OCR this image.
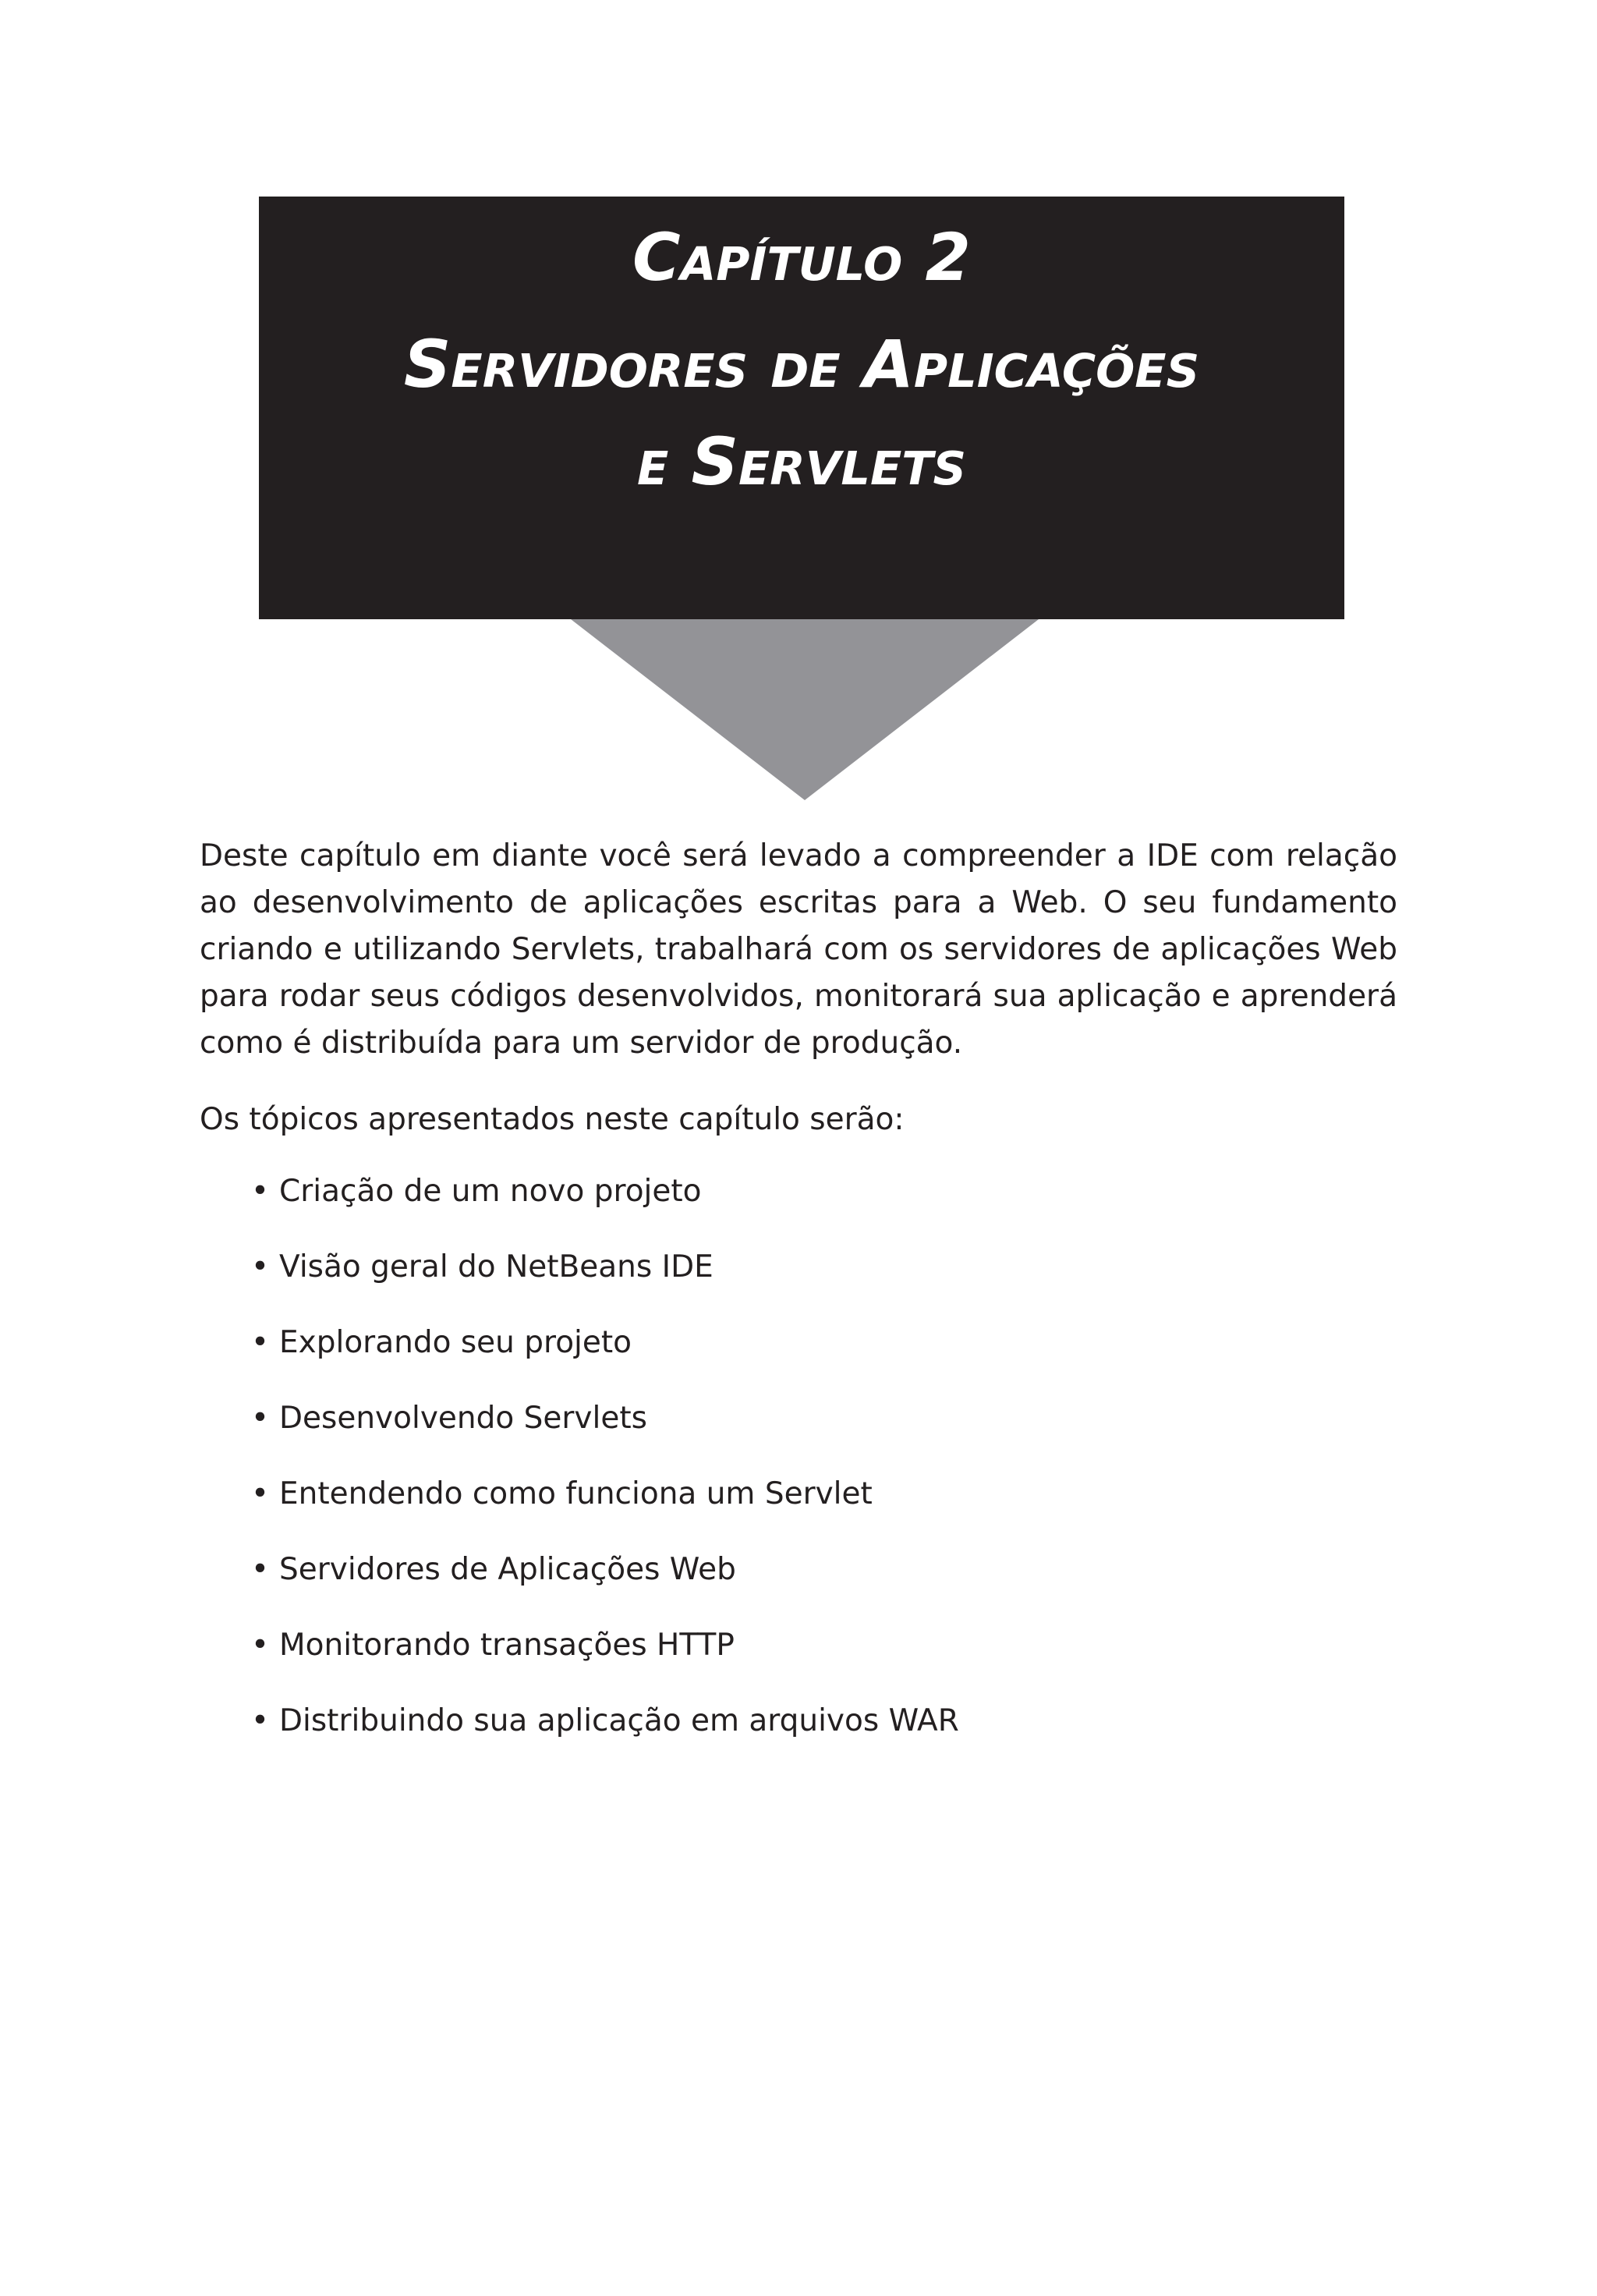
Capítulo 2
Servidores de Aplicações
e Servlets

Deste capítulo em diante você será levado a compreender a IDE com relação ao desenvolvimento de aplicações escritas para a Web. O seu fundamento criando e utilizando Servlets, trabalhará com os servidores de aplicações Web para rodar seus códigos desenvolvidos, monitorará sua aplicação e aprenderá como é distribuída para um servidor de produção.

Os tópicos apresentados neste capítulo serão:

• Criação de um novo projeto
• Visão geral do NetBeans IDE
• Explorando seu projeto
• Desenvolvendo Servlets
• Entendendo como funciona um Servlet
• Servidores de Aplicações Web
• Monitorando transações HTTP
• Distribuindo sua aplicação em arquivos WAR
